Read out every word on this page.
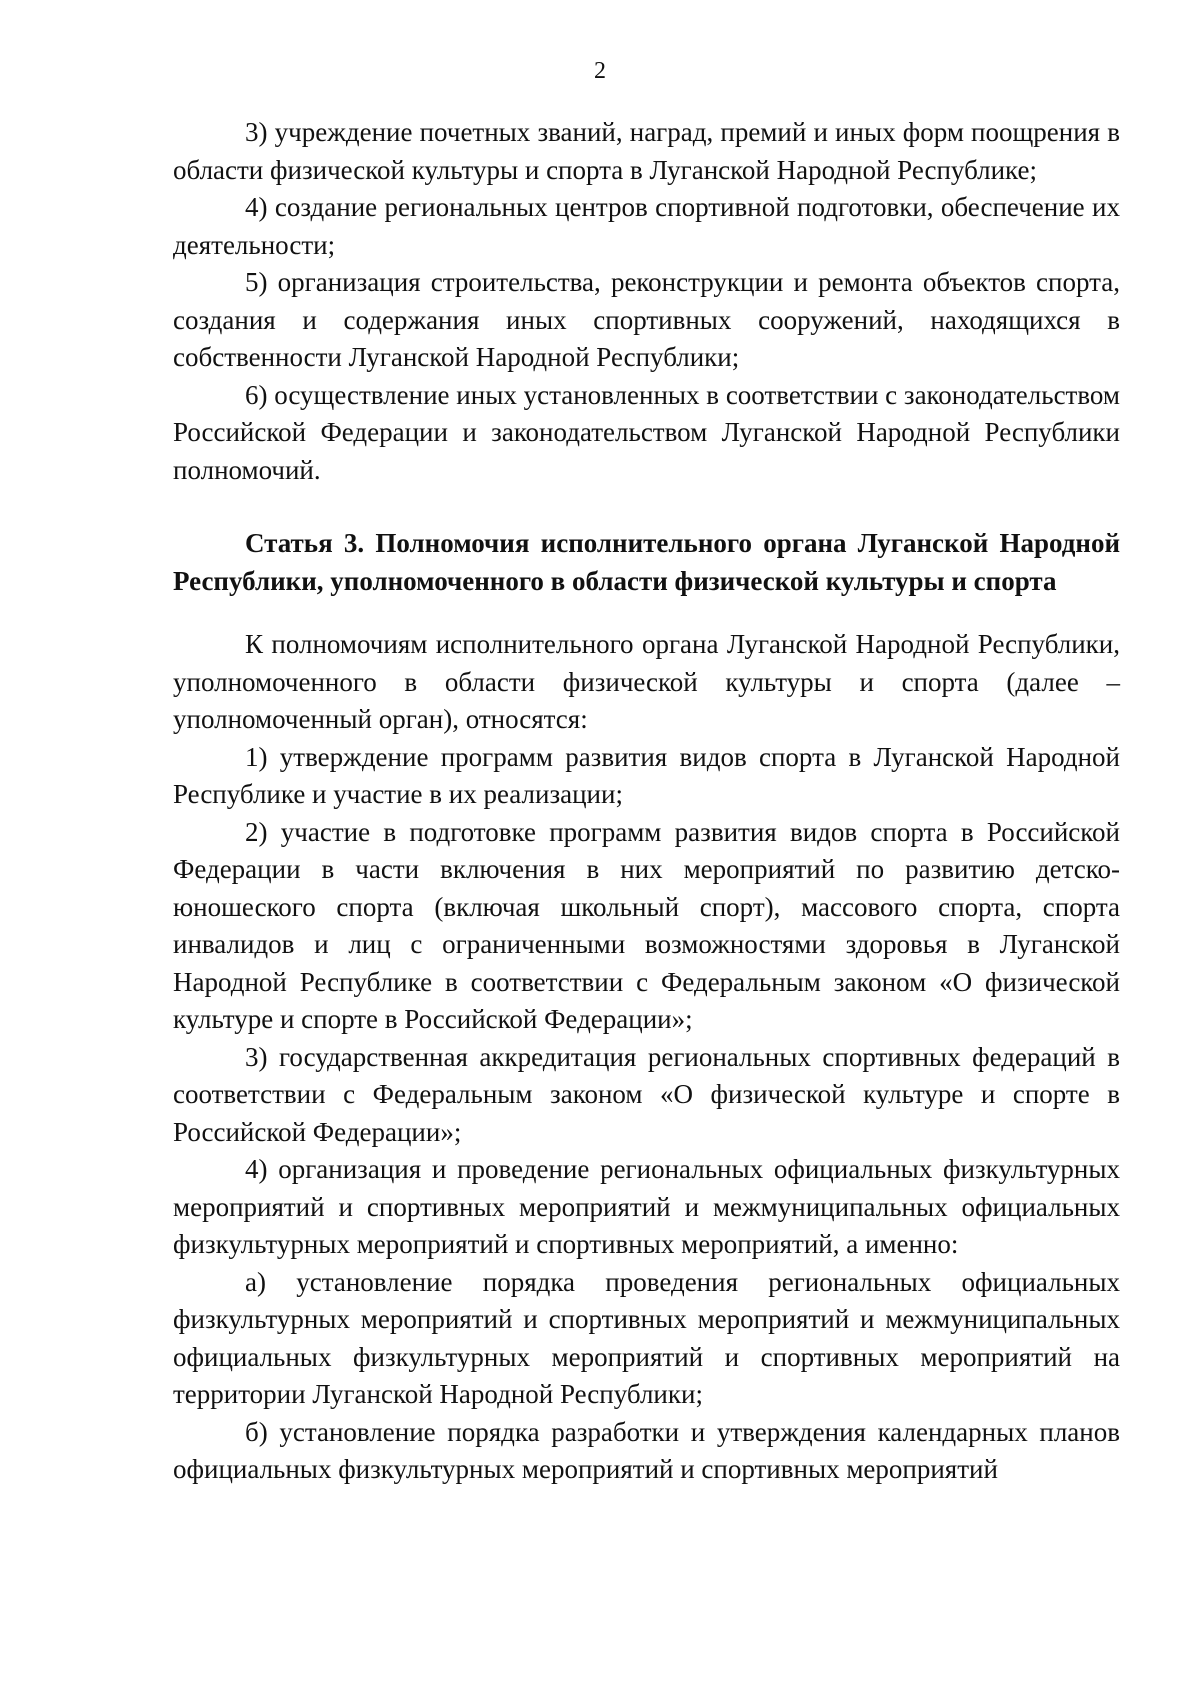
2

3) учреждение почетных званий, наград, премий и иных форм поощрения в области физической культуры и спорта в Луганской Народной Республике;

4) создание региональных центров спортивной подготовки, обеспечение их деятельности;

5) организация строительства, реконструкции и ремонта объектов спорта, создания и содержания иных спортивных сооружений, находящихся в собственности Луганской Народной Республики;

6) осуществление иных установленных в соответствии с законодательством Российской Федерации и законодательством Луганской Народной Республики полномочий.

Статья 3. Полномочия исполнительного органа Луганской Народной Республики, уполномоченного в области физической культуры и спорта

К полномочиям исполнительного органа Луганской Народной Республики, уполномоченного в области физической культуры и спорта (далее – уполномоченный орган), относятся:

1) утверждение программ развития видов спорта в Луганской Народной Республике и участие в их реализации;

2) участие в подготовке программ развития видов спорта в Российской Федерации в части включения в них мероприятий по развитию детско-юношеского спорта (включая школьный спорт), массового спорта, спорта инвалидов и лиц с ограниченными возможностями здоровья в Луганской Народной Республике в соответствии с Федеральным законом «О физической культуре и спорте в Российской Федерации»;

3) государственная аккредитация региональных спортивных федераций в соответствии с Федеральным законом «О физической культуре и спорте в Российской Федерации»;

4) организация и проведение региональных официальных физкультурных мероприятий и спортивных мероприятий и межмуниципальных официальных физкультурных мероприятий и спортивных мероприятий, а именно:

а) установление порядка проведения региональных официальных физкультурных мероприятий и спортивных мероприятий и межмуниципальных официальных физкультурных мероприятий и спортивных мероприятий на территории Луганской Народной Республики;

б) установление порядка разработки и утверждения календарных планов официальных физкультурных мероприятий и спортивных мероприятий
